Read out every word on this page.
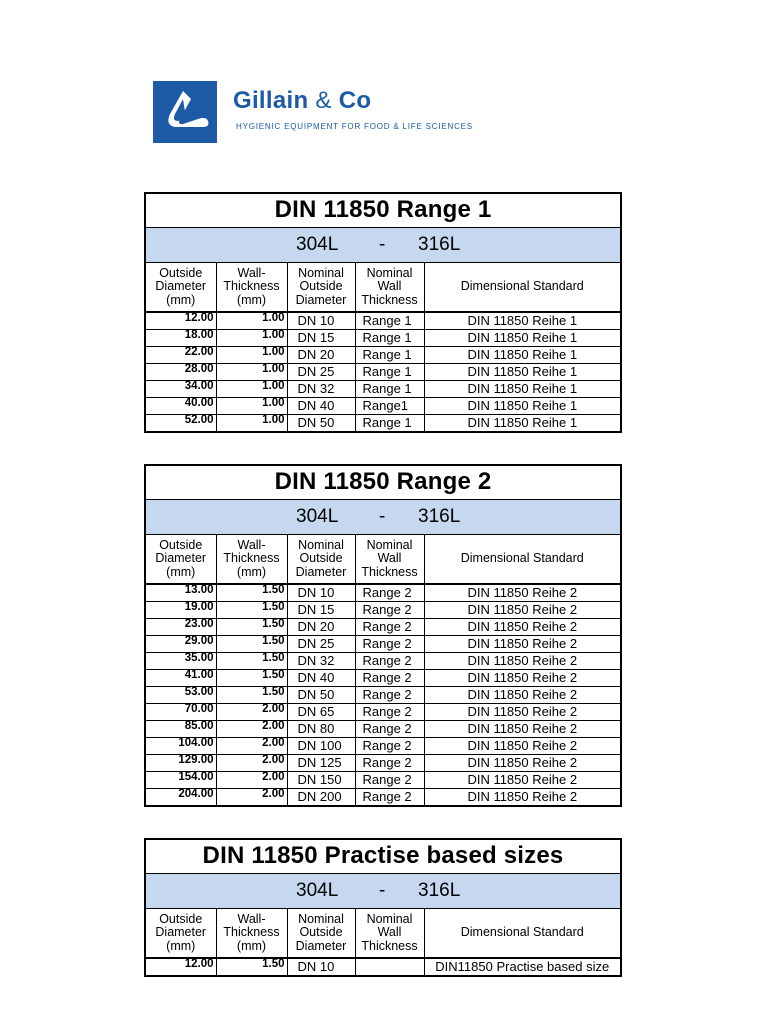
Gillain & Co
HYGIENIC EQUIPMENT FOR FOOD & LIFE SCIENCES
DIN 11850 Range 1
304L - 316L
Outside Diameter (mm)	Wall-Thickness (mm)	Nominal Outside Diameter	Nominal Wall Thickness	Dimensional Standard
12.00	1.00	DN 10	Range 1	DIN 11850 Reihe 1
18.00	1.00	DN 15	Range 1	DIN 11850 Reihe 1
22.00	1.00	DN 20	Range 1	DIN 11850 Reihe 1
28.00	1.00	DN 25	Range 1	DIN 11850 Reihe 1
34.00	1.00	DN 32	Range 1	DIN 11850 Reihe 1
40.00	1.00	DN 40	Range1	DIN 11850 Reihe 1
52.00	1.00	DN 50	Range 1	DIN 11850 Reihe 1
DIN 11850 Range 2
304L - 316L
Outside Diameter (mm)	Wall-Thickness (mm)	Nominal Outside Diameter	Nominal Wall Thickness	Dimensional Standard
13.00	1.50	DN 10	Range 2	DIN 11850 Reihe 2
19.00	1.50	DN 15	Range 2	DIN 11850 Reihe 2
23.00	1.50	DN 20	Range 2	DIN 11850 Reihe 2
29.00	1.50	DN 25	Range 2	DIN 11850 Reihe 2
35.00	1.50	DN 32	Range 2	DIN 11850 Reihe 2
41.00	1.50	DN 40	Range 2	DIN 11850 Reihe 2
53.00	1.50	DN 50	Range 2	DIN 11850 Reihe 2
70.00	2.00	DN 65	Range 2	DIN 11850 Reihe 2
85.00	2.00	DN 80	Range 2	DIN 11850 Reihe 2
104.00	2.00	DN 100	Range 2	DIN 11850 Reihe 2
129.00	2.00	DN 125	Range 2	DIN 11850 Reihe 2
154.00	2.00	DN 150	Range 2	DIN 11850 Reihe 2
204.00	2.00	DN 200	Range 2	DIN 11850 Reihe 2
DIN 11850 Practise based sizes
304L - 316L
Outside Diameter (mm)	Wall-Thickness (mm)	Nominal Outside Diameter	Nominal Wall Thickness	Dimensional Standard
12.00	1.50	DN 10		DIN11850 Practise based size
